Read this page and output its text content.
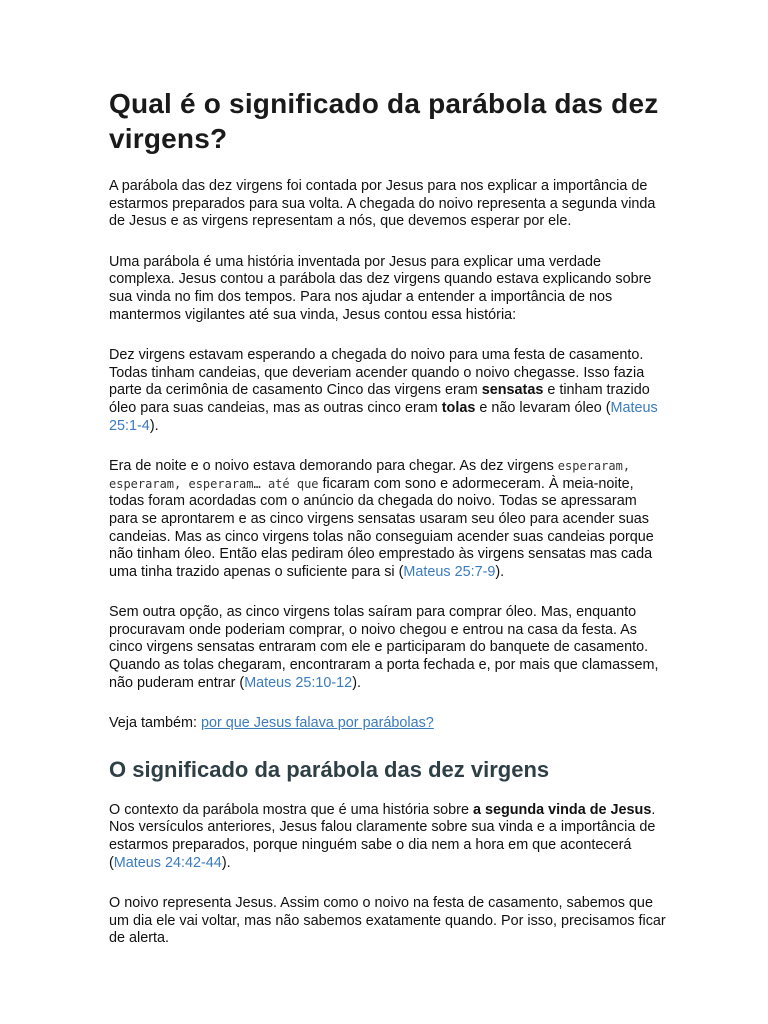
Qual é o significado da parábola das dez virgens?

A parábola das dez virgens foi contada por Jesus para nos explicar a importância de estarmos preparados para sua volta. A chegada do noivo representa a segunda vinda de Jesus e as virgens representam a nós, que devemos esperar por ele.

Uma parábola é uma história inventada por Jesus para explicar uma verdade complexa. Jesus contou a parábola das dez virgens quando estava explicando sobre sua vinda no fim dos tempos. Para nos ajudar a entender a importância de nos mantermos vigilantes até sua vinda, Jesus contou essa história:

Dez virgens estavam esperando a chegada do noivo para uma festa de casamento. Todas tinham candeias, que deveriam acender quando o noivo chegasse. Isso fazia parte da cerimônia de casamento Cinco das virgens eram sensatas e tinham trazido óleo para suas candeias, mas as outras cinco eram tolas e não levaram óleo (Mateus 25:1-4).

Era de noite e o noivo estava demorando para chegar. As dez virgens esperaram, esperaram, esperaram… até que ficaram com sono e adormeceram. À meia-noite, todas foram acordadas com o anúncio da chegada do noivo. Todas se apressaram para se aprontarem e as cinco virgens sensatas usaram seu óleo para acender suas candeias. Mas as cinco virgens tolas não conseguiam acender suas candeias porque não tinham óleo. Então elas pediram óleo emprestado às virgens sensatas mas cada uma tinha trazido apenas o suficiente para si (Mateus 25:7-9).

Sem outra opção, as cinco virgens tolas saíram para comprar óleo. Mas, enquanto procuravam onde poderiam comprar, o noivo chegou e entrou na casa da festa. As cinco virgens sensatas entraram com ele e participaram do banquete de casamento. Quando as tolas chegaram, encontraram a porta fechada e, por mais que clamassem, não puderam entrar (Mateus 25:10-12).

Veja também: por que Jesus falava por parábolas?

O significado da parábola das dez virgens

O contexto da parábola mostra que é uma história sobre a segunda vinda de Jesus. Nos versículos anteriores, Jesus falou claramente sobre sua vinda e a importância de estarmos preparados, porque ninguém sabe o dia nem a hora em que acontecerá (Mateus 24:42-44).

O noivo representa Jesus. Assim como o noivo na festa de casamento, sabemos que um dia ele vai voltar, mas não sabemos exatamente quando. Por isso, precisamos ficar de alerta.
